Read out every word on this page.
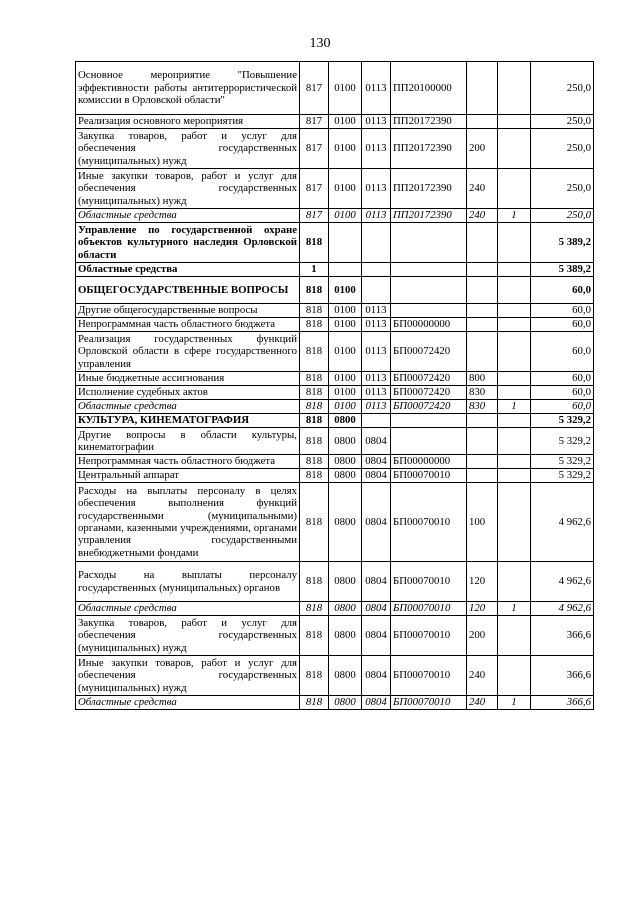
130
Основное мероприятие "Повышение эффективности работы антитеррористической комиссии в Орловской области"	817	0100	0113	ПП20100000			250,0
Реализация основного мероприятия	817	0100	0113	ПП20172390			250,0
Закупка товаров, работ и услуг для обеспечения государственных (муниципальных) нужд	817	0100	0113	ПП20172390	200		250,0
Иные закупки товаров, работ и услуг для обеспечения государственных (муниципальных) нужд	817	0100	0113	ПП20172390	240		250,0
Областные средства	817	0100	0113	ПП20172390	240	1	250,0
Управление по государственной охране объектов культурного наследия Орловской области	818						5 389,2
Областные средства	1						5 389,2
ОБЩЕГОСУДАРСТВЕННЫЕ ВОПРОСЫ	818	0100					60,0
Другие общегосударственные вопросы	818	0100	0113				60,0
Непрограммная часть областного бюджета	818	0100	0113	БП00000000			60,0
Реализация государственных функций Орловской области в сфере государственного управления	818	0100	0113	БП00072420			60,0
Иные бюджетные ассигнования	818	0100	0113	БП00072420	800		60,0
Исполнение судебных актов	818	0100	0113	БП00072420	830		60,0
Областные средства	818	0100	0113	БП00072420	830	1	60,0
КУЛЬТУРА, КИНЕМАТОГРАФИЯ	818	0800					5 329,2
Другие вопросы в области культуры, кинематографии	818	0800	0804				5 329,2
Непрограммная часть областного бюджета	818	0800	0804	БП00000000			5 329,2
Центральный аппарат	818	0800	0804	БП00070010			5 329,2
Расходы на выплаты персоналу в целях обеспечения выполнения функций государственными (муниципальными) органами, казенными учреждениями, органами управления государственными внебюджетными фондами	818	0800	0804	БП00070010	100		4 962,6
Расходы на выплаты персоналу государственных (муниципальных) органов	818	0800	0804	БП00070010	120		4 962,6
Областные средства	818	0800	0804	БП00070010	120	1	4 962,6
Закупка товаров, работ и услуг для обеспечения государственных (муниципальных) нужд	818	0800	0804	БП00070010	200		366,6
Иные закупки товаров, работ и услуг для обеспечения государственных (муниципальных) нужд	818	0800	0804	БП00070010	240		366,6
Областные средства	818	0800	0804	БП00070010	240	1	366,6
